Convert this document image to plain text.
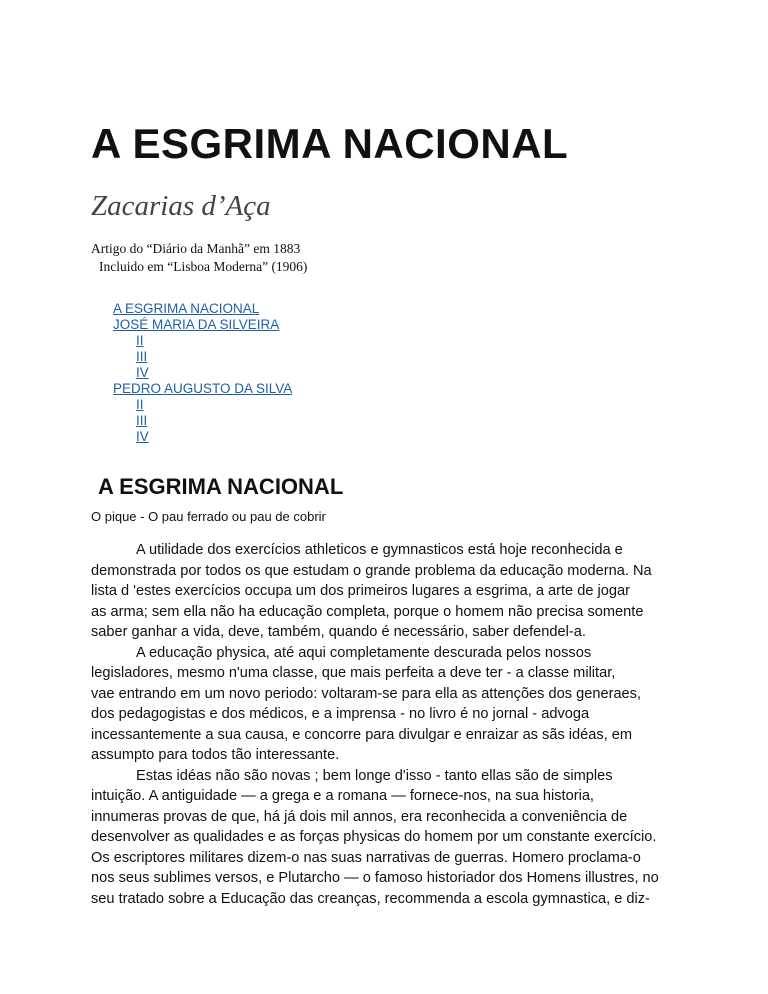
A ESGRIMA NACIONAL
Zacarias d’Aça
Artigo do “Diário da Manhã” em 1883
Incluido em “Lisboa Moderna” (1906)
A ESGRIMA NACIONAL
JOSÉ MARIA DA SILVEIRA
II
III
IV
PEDRO AUGUSTO DA SILVA
II
III
IV
A ESGRIMA NACIONAL
O pique - O pau ferrado ou pau de cobrir
A utilidade dos exercícios athleticos e gymnasticos está hoje reconhecida e
demonstrada por todos os que estudam o grande problema da educação moderna. Na
lista d 'estes exercícios occupa um dos primeiros lugares a esgrima, a arte de jogar
as arma; sem ella não ha educação completa, porque o homem não precisa somente
saber ganhar a vida, deve, também, quando é necessário, saber defendel-a.
A educação physica, até aqui completamente descurada pelos nossos
legisladores, mesmo n'uma classe, que mais perfeita a deve ter - a classe militar,
vae entrando em um novo periodo: voltaram-se para ella as attenções dos generaes,
dos pedagogistas e dos médicos, e a imprensa - no livro é no jornal - advoga
incessantemente a sua causa, e concorre para divulgar e enraizar as sãs idéas, em
assumpto para todos tão interessante.
Estas idéas não são novas ; bem longe d'isso - tanto ellas são de simples
intuição. A antiguidade — a grega e a romana — fornece-nos, na sua historia,
innumeras provas de que, há já dois mil annos, era reconhecida a conveniência de
desenvolver as qualidades e as forças physicas do homem por um constante exercício.
Os escriptores militares dizem-o nas suas narrativas de guerras. Homero proclama-o
nos seus sublimes versos, e Plutarcho — o famoso historiador dos Homens illustres, no
seu tratado sobre a Educação das creanças, recommenda a escola gymnastica, e diz-
